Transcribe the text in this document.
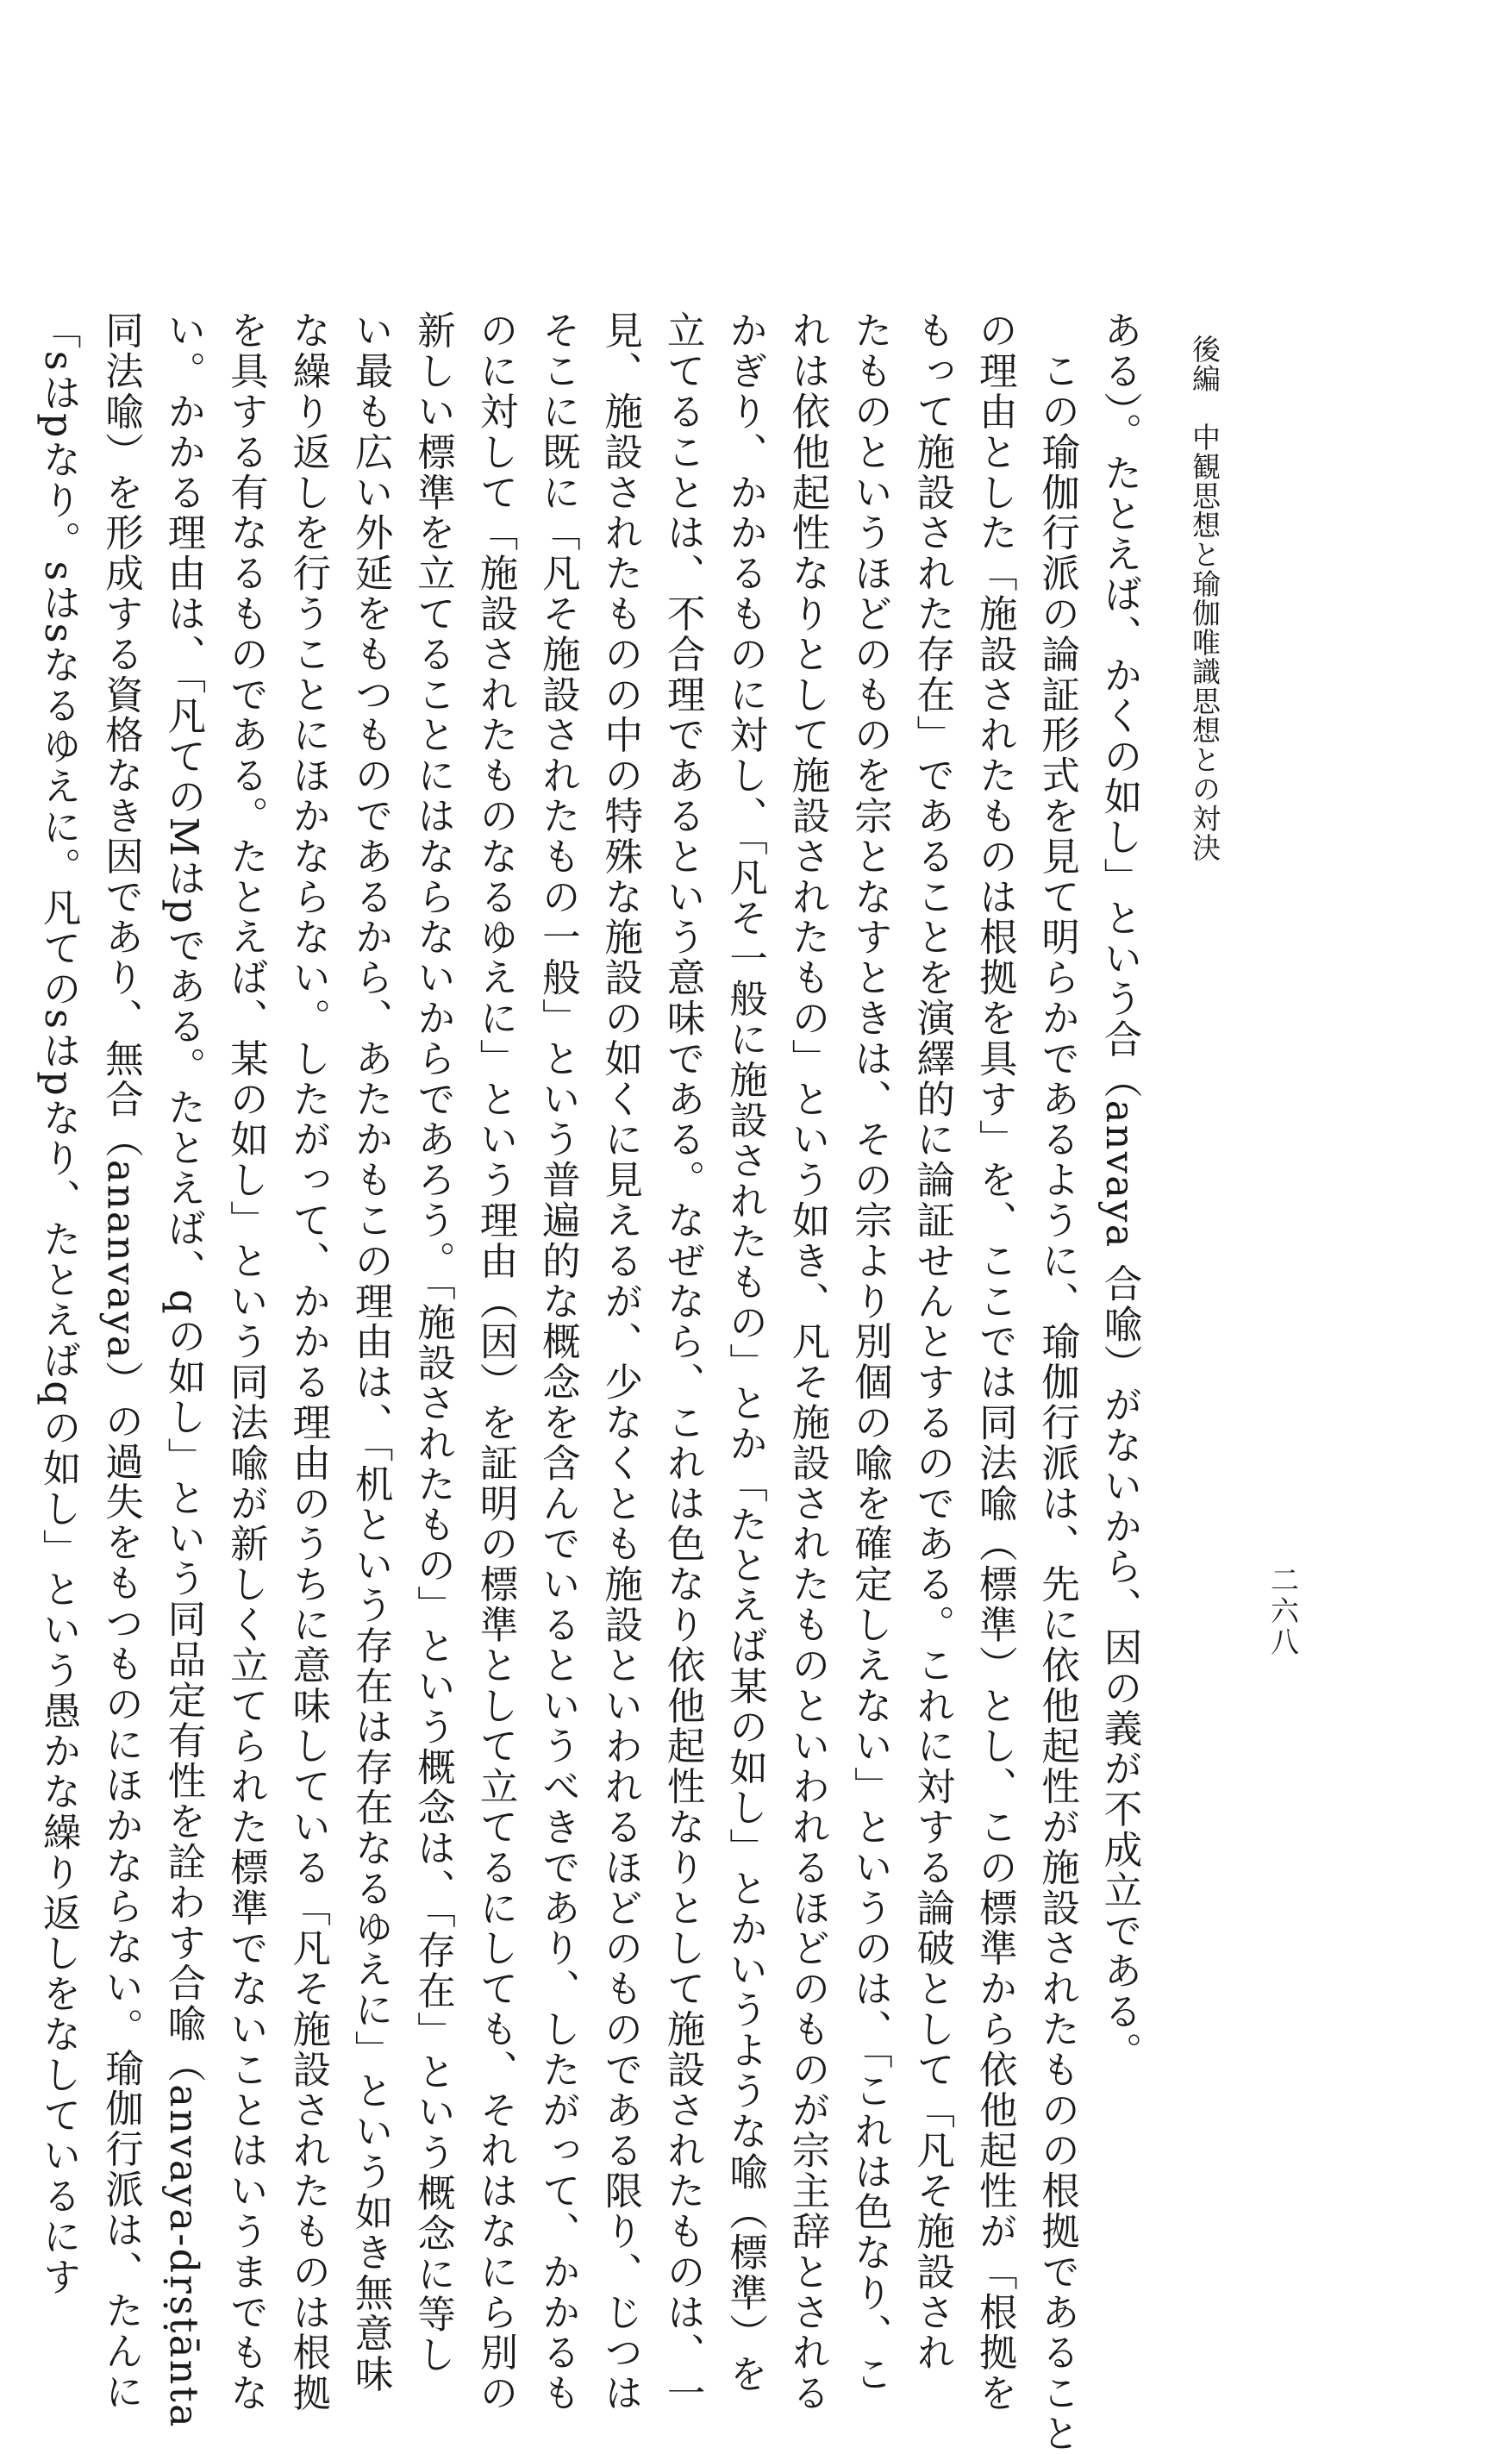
後編　中観思想と瑜伽唯識思想との対決
二六八
ある）。たとえば、かくの如し」という合（anvaya 合喩）がないから、因の義が不成立である。
　この瑜伽行派の論証形式を見て明らかであるように、瑜伽行派は、先に依他起性が施設されたものの根拠であること
の理由とした「施設されたものは根拠を具す」を、ここでは同法喩（標準）とし、この標準から依他起性が「根拠を
もって施設された存在」であることを演繹的に論証せんとするのである。これに対する論破として「凡そ施設され
たものというほどのものを宗となすときは、その宗より別個の喩を確定しえない」というのは、「これは色なり、こ
れは依他起性なりとして施設されたもの」という如き、凡そ施設されたものといわれるほどのものが宗主辞とされる
かぎり、かかるものに対し、「凡そ一般に施設されたもの」とか「たとえば某の如し」とかいうような喩（標準）を
立てることは、不合理であるという意味である。なぜなら、これは色なり依他起性なりとして施設されたものは、一
見、施設されたものの中の特殊な施設の如くに見えるが、少なくとも施設といわれるほどのものである限り、じつは
そこに既に「凡そ施設されたもの一般」という普遍的な概念を含んでいるというべきであり、したがって、かかるも
のに対して「施設されたものなるゆえに」という理由（因）を証明の標準として立てるにしても、それはなにら別の
新しい標準を立てることにはならないからであろう。「施設されたもの」という概念は、「存在」という概念に等し
い最も広い外延をもつものであるから、あたかもこの理由は、「机という存在は存在なるゆえに」という如き無意味
な繰り返しを行うことにほかならない。したがって、かかる理由のうちに意味している「凡そ施設されたものは根拠
を具する有なるものである。たとえば、某の如し」という同法喩が新しく立てられた標準でないことはいうまでもな
い。かかる理由は、「凡てのMはpである。たとえば、qの如し」という同品定有性を詮わす合喩（anvaya-dṛṣṭānta
同法喩）を形成する資格なき因であり、無合（ananvaya）の過失をもつものにほかならない。瑜伽行派は、たんに
「sはpなり。sはsなるゆえに。凡てのsはpなり、たとえばqの如し」という愚かな繰り返しをなしているにす
